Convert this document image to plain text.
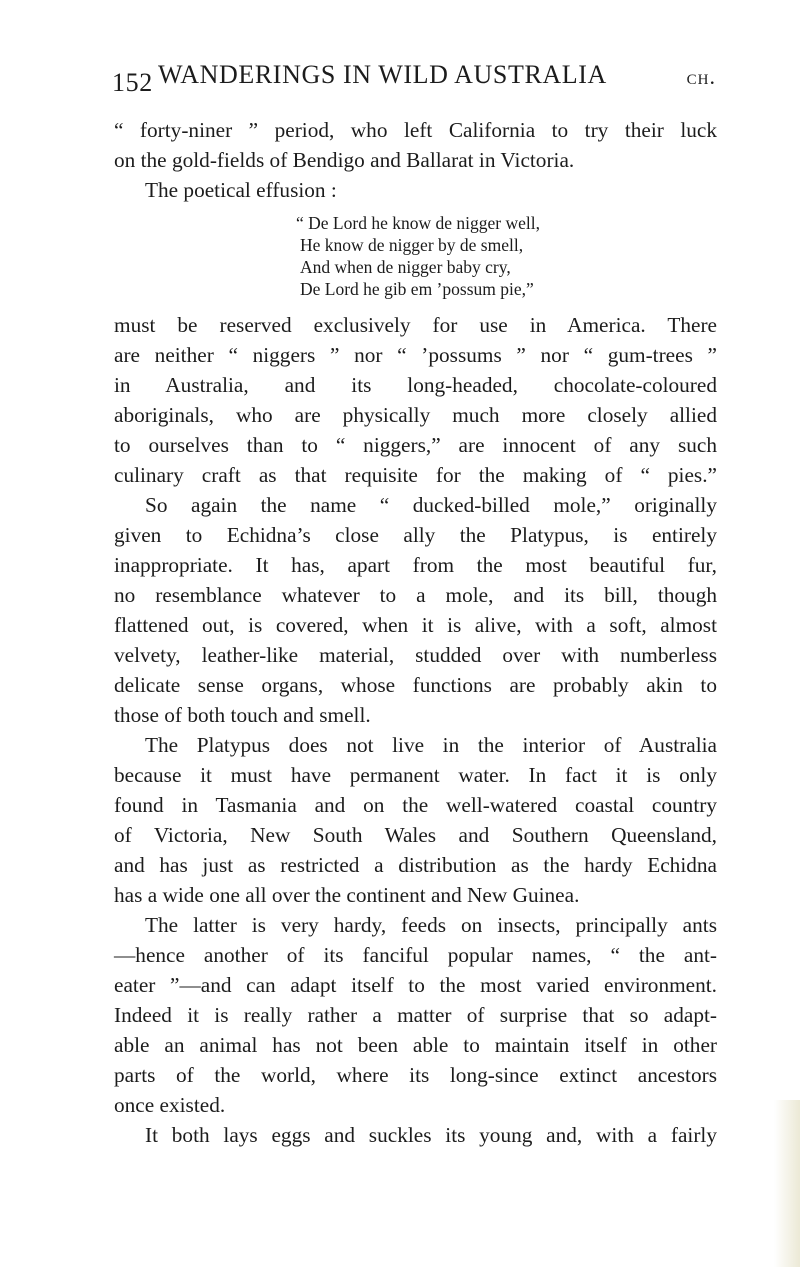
152 WANDERINGS IN WILD AUSTRALIA	ch.
“ forty-niner ” period, who left California to try their luck
on the gold-fields of Bendigo and Ballarat in Victoria.
The poetical effusion :
“ De Lord he know de nigger well,
He know de nigger by de smell,
And when de nigger baby cry,
De Lord he gib em ’possum pie,”
must be reserved exclusively for use in America. There
are neither “ niggers ” nor “ ’possums ” nor “ gum-trees ”
in Australia, and its long-headed, chocolate-coloured
aboriginals, who are physically much more closely allied
to ourselves than to “ niggers,” are innocent of any such
culinary craft as that requisite for the making of “ pies.”
So again the name “ ducked-billed mole,” originally
given to Echidna’s close ally the Platypus, is entirely
inappropriate. It has, apart from the most beautiful fur,
no resemblance whatever to a mole, and its bill, though
flattened out, is covered, when it is alive, with a soft, almost
velvety, leather-like material, studded over with numberless
delicate sense organs, whose functions are probably akin to
those of both touch and smell.
The Platypus does not live in the interior of Australia
because it must have permanent water. In fact it is only
found in Tasmania and on the well-watered coastal country
of Victoria, New South Wales and Southern Queensland,
and has just as restricted a distribution as the hardy Echidna
has a wide one all over the continent and New Guinea.
The latter is very hardy, feeds on insects, principally ants
—hence another of its fanciful popular names, “ the ant-
eater ”—and can adapt itself to the most varied environment.
Indeed it is really rather a matter of surprise that so adapt-
able an animal has not been able to maintain itself in other
parts of the world, where its long-since extinct ancestors
once existed.
It both lays eggs and suckles its young and, with a fairly
